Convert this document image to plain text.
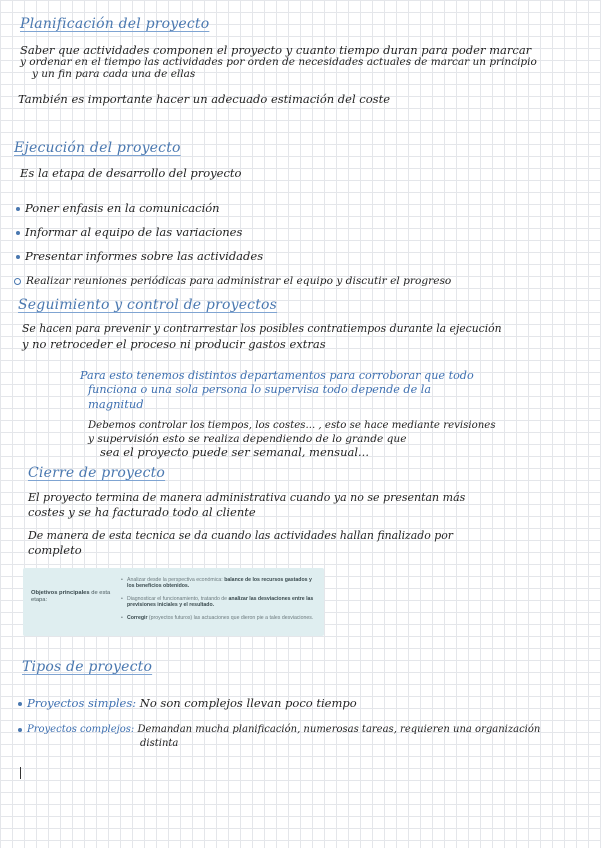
Planificación del proyecto
Saber que actividades componen el proyecto y cuanto tiempo duran para poder marcar
y ordenar en el tiempo las actividades por orden de necesidades actuales de marcar un principio
y un fin para cada una de ellas
También es importante hacer un adecuado estimación del coste
Ejecución del proyecto
Es la etapa de desarrollo del proyecto
Poner enfasis en la comunicación
Informar al equipo de las variaciones
Presentar informes sobre las actividades
Realizar reuniones periódicas para administrar el equipo y discutir el progreso
Seguimiento y control de proyectos
Se hacen para prevenir y contrarrestar los posibles contratiempos durante la ejecución
y no retroceder el proceso ni producir gastos extras
Para esto tenemos distintos departamentos para corroborar que todo
funciona o una sola persona lo supervisa todo depende de la
magnitud
Debemos controlar los tiempos, los costes... , esto se hace mediante revisiones
y supervisión esto se realiza dependiendo de lo grande que
sea el proyecto puede ser semanal, mensual...
Cierre de proyecto
El proyecto termina de manera administrativa cuando ya no se presentan más
costes y se ha facturado todo al cliente
De manera de esta tecnica se da cuando las actividades hallan finalizado por
completo
Objetivos principales de esta etapa:
• Analizar desde la perspectiva económica: balance de los recursos gastados y los beneficios obtenidos.
• Diagnosticar el funcionamiento, tratando de analizar las desviaciones entre las previsiones iniciales y el resultado.
• Corregir (proyectos futuros) las actuaciones que dieron pie a tales desviaciones.
Tipos de proyecto
Proyectos simples: No son complejos llevan poco tiempo
Proyectos complejos: Demandan mucha planificación, numerosas tareas, requieren una organización
distinta
